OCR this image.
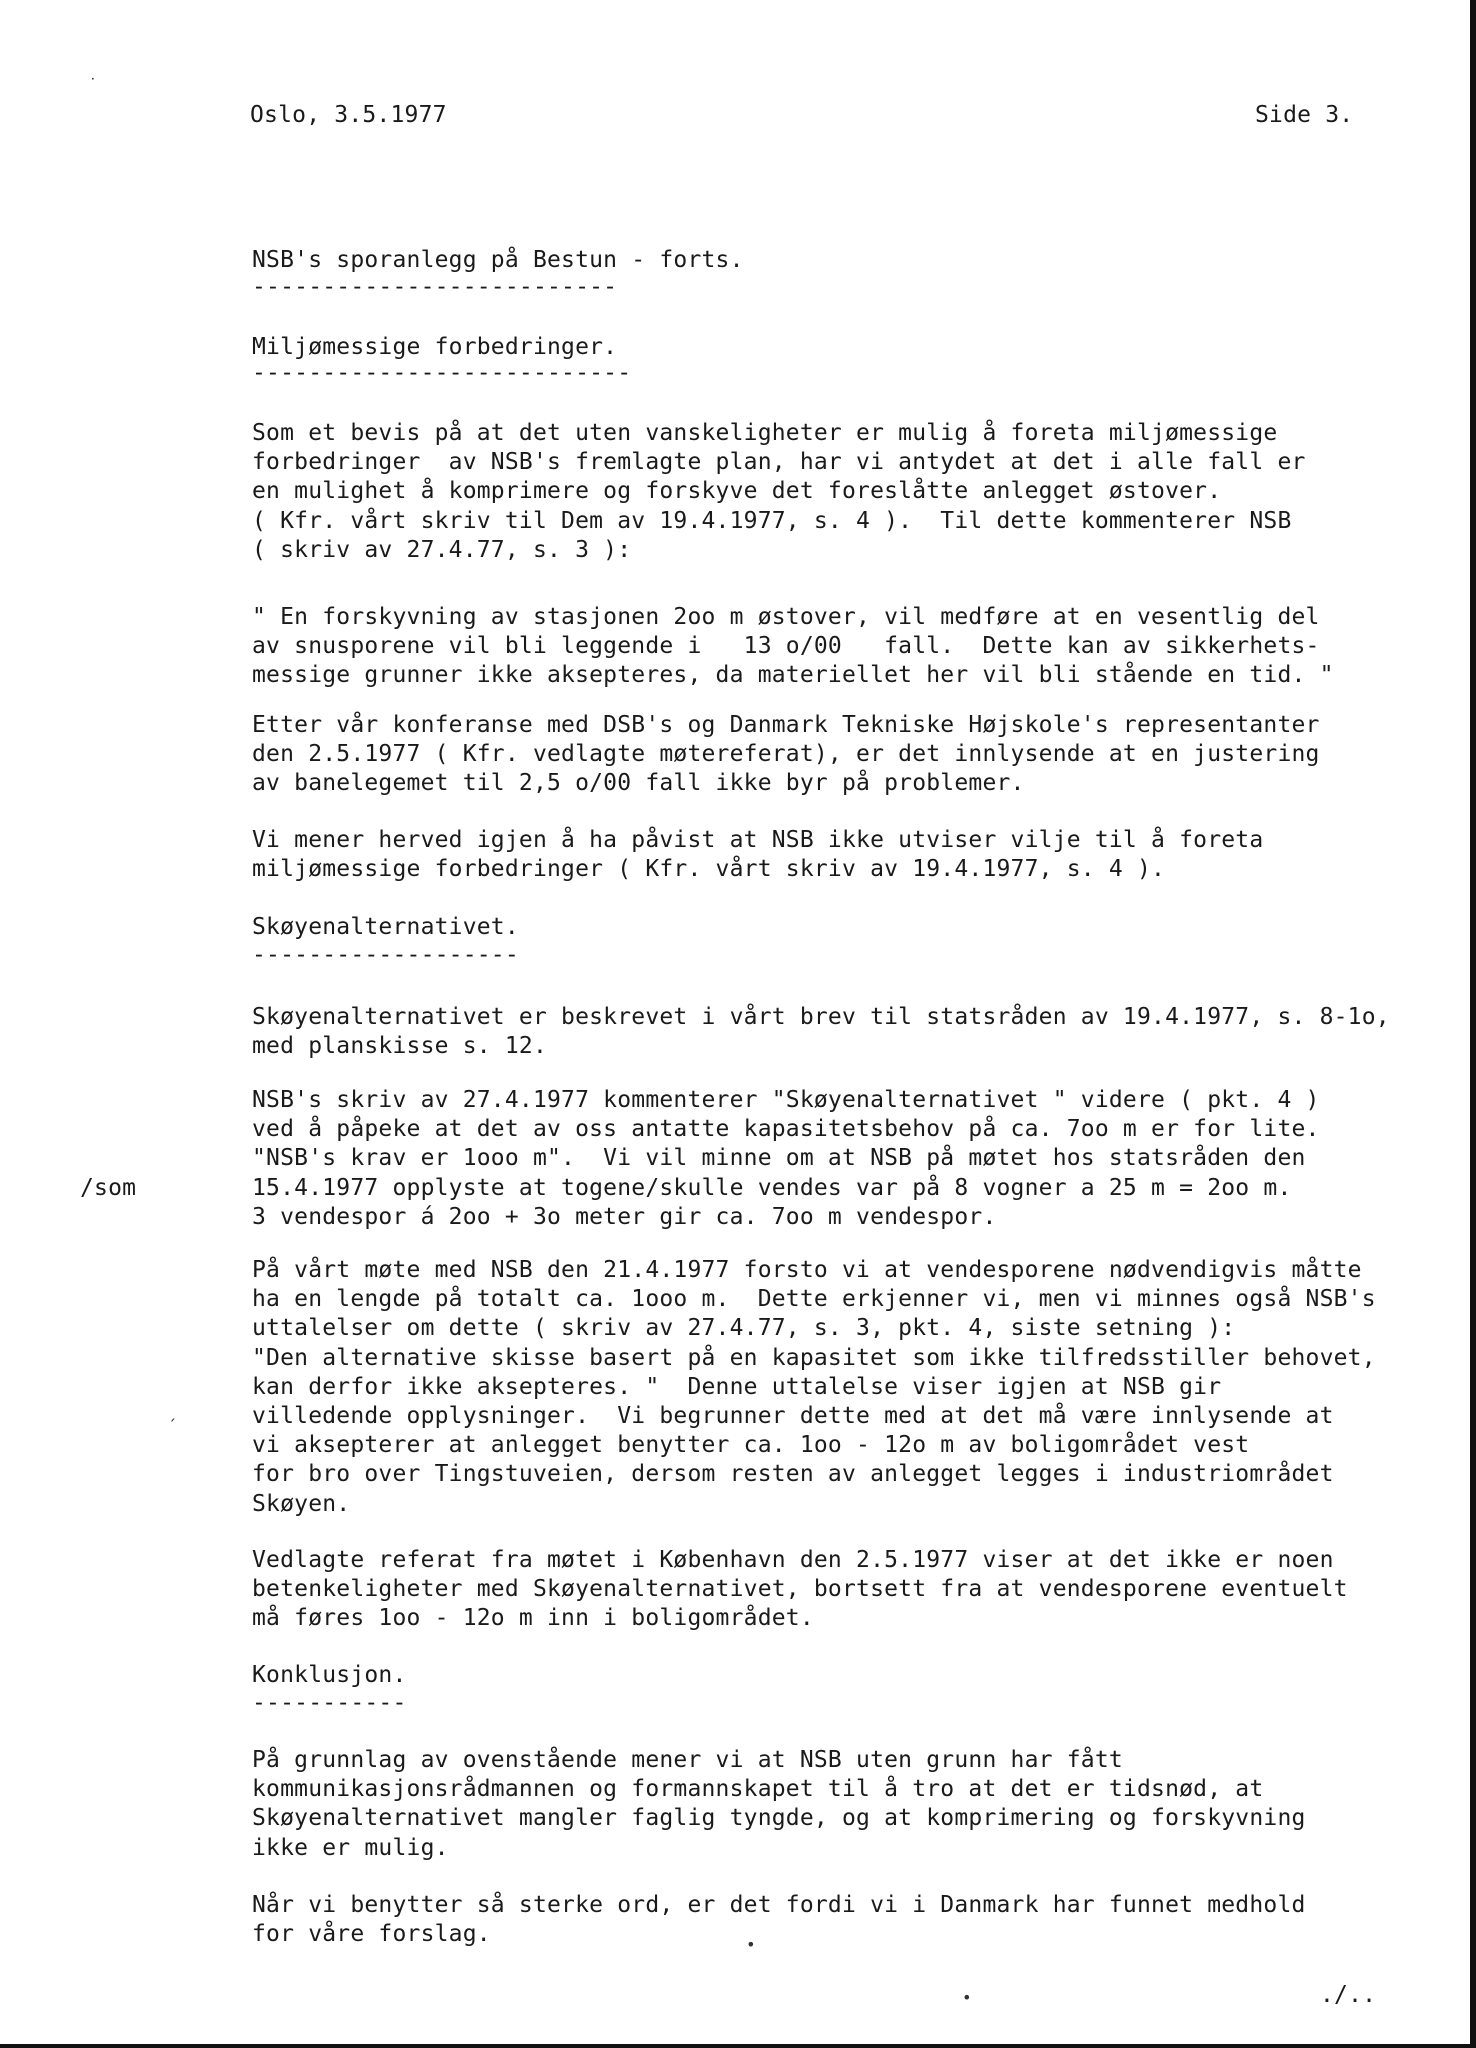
Oslo, 3.5.1977	Side 3.
NSB's sporanlegg på Bestun - forts.
--------------------------
Miljømessige forbedringer.
---------------------------
Skøyenalternativet.
-------------------
Konklusjon.
-----------
/som
./..
˙
ˏ
•
•
Som et bevis på at det uten vanskeligheter er mulig å foreta miljømessige
forbedringer  av NSB's fremlagte plan, har vi antydet at det i alle fall er
en mulighet å komprimere og forskyve det foreslåtte anlegget østover.
( Kfr. vårt skriv til Dem av 19.4.1977, s. 4 ).  Til dette kommenterer NSB
( skriv av 27.4.77, s. 3 ):
" En forskyvning av stasjonen 2oo m østover, vil medføre at en vesentlig del
av snusporene vil bli leggende i   13 o/00   fall.  Dette kan av sikkerhets-
messige grunner ikke aksepteres, da materiellet her vil bli stående en tid. "
Etter vår konferanse med DSB's og Danmark Tekniske Højskole's representanter
den 2.5.1977 ( Kfr. vedlagte møtereferat), er det innlysende at en justering
av banelegemet til 2,5 o/00 fall ikke byr på problemer.
Vi mener herved igjen å ha påvist at NSB ikke utviser vilje til å foreta
miljømessige forbedringer ( Kfr. vårt skriv av 19.4.1977, s. 4 ).
Skøyenalternativet er beskrevet i vårt brev til statsråden av 19.4.1977, s. 8-1o,
med planskisse s. 12.
NSB's skriv av 27.4.1977 kommenterer "Skøyenalternativet " videre ( pkt. 4 )
ved å påpeke at det av oss antatte kapasitetsbehov på ca. 7oo m er for lite.
"NSB's krav er 1ooo m".  Vi vil minne om at NSB på møtet hos statsråden den
15.4.1977 opplyste at togene/skulle vendes var på 8 vogner a 25 m = 2oo m.
3 vendespor á 2oo + 3o meter gir ca. 7oo m vendespor.
På vårt møte med NSB den 21.4.1977 forsto vi at vendesporene nødvendigvis måtte
ha en lengde på totalt ca. 1ooo m.  Dette erkjenner vi, men vi minnes også NSB's
uttalelser om dette ( skriv av 27.4.77, s. 3, pkt. 4, siste setning ):
"Den alternative skisse basert på en kapasitet som ikke tilfredsstiller behovet,
kan derfor ikke aksepteres. "  Denne uttalelse viser igjen at NSB gir
villedende opplysninger.  Vi begrunner dette med at det må være innlysende at
vi aksepterer at anlegget benytter ca. 1oo - 12o m av boligområdet vest
for bro over Tingstuveien, dersom resten av anlegget legges i industriområdet
Skøyen.
Vedlagte referat fra møtet i København den 2.5.1977 viser at det ikke er noen
betenkeligheter med Skøyenalternativet, bortsett fra at vendesporene eventuelt
må føres 1oo - 12o m inn i boligområdet.
På grunnlag av ovenstående mener vi at NSB uten grunn har fått
kommunikasjonsrådmannen og formannskapet til å tro at det er tidsnød, at
Skøyenalternativet mangler faglig tyngde, og at komprimering og forskyvning
ikke er mulig.
Når vi benytter så sterke ord, er det fordi vi i Danmark har funnet medhold
for våre forslag.
